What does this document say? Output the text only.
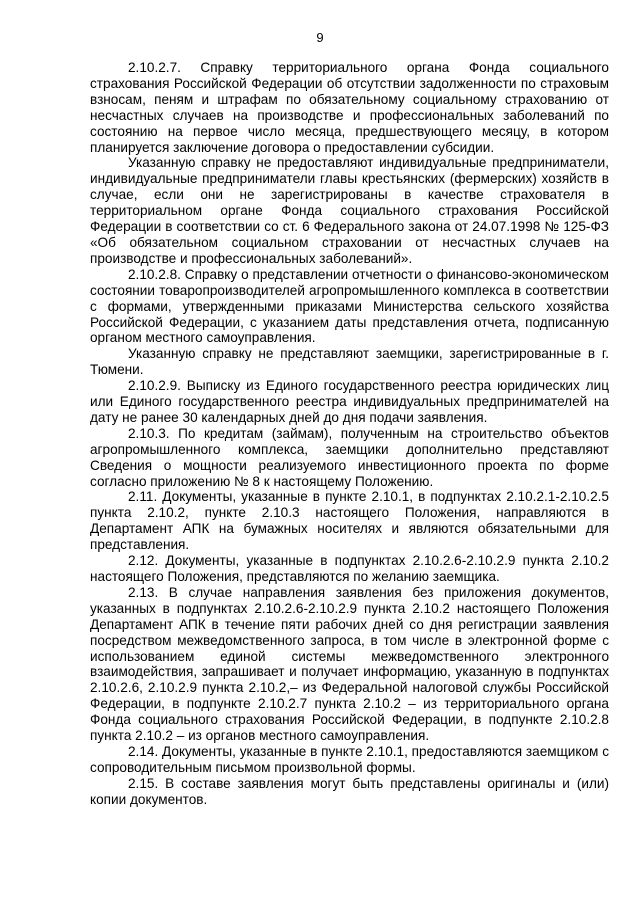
9

2.10.2.7. Справку территориального органа Фонда социального страхования Российской Федерации об отсутствии задолженности по страховым взносам, пеням и штрафам по обязательному социальному страхованию от несчастных случаев на производстве и профессиональных заболеваний по состоянию на первое число месяца, предшествующего месяцу, в котором планируется заключение договора о предоставлении субсидии.

Указанную справку не предоставляют индивидуальные предприниматели, индивидуальные предприниматели главы крестьянских (фермерских) хозяйств в случае, если они не зарегистрированы в качестве страхователя в территориальном органе Фонда социального страхования Российской Федерации в соответствии со ст. 6 Федерального закона от 24.07.1998 № 125-ФЗ «Об обязательном социальном страховании от несчастных случаев на производстве и профессиональных заболеваний».

2.10.2.8. Справку о представлении отчетности о финансово-экономическом состоянии товаропроизводителей агропромышленного комплекса в соответствии с формами, утвержденными приказами Министерства сельского хозяйства Российской Федерации, с указанием даты представления отчета, подписанную органом местного самоуправления.

Указанную справку не представляют заемщики, зарегистрированные в г. Тюмени.

2.10.2.9. Выписку из Единого государственного реестра юридических лиц или Единого государственного реестра индивидуальных предпринимателей на дату не ранее 30 календарных дней до дня подачи заявления.

2.10.3. По кредитам (займам), полученным на строительство объектов агропромышленного комплекса, заемщики дополнительно представляют Сведения о мощности реализуемого инвестиционного проекта по форме согласно приложению № 8 к настоящему Положению.

2.11. Документы, указанные в пункте 2.10.1, в подпунктах 2.10.2.1-2.10.2.5 пункта 2.10.2, пункте 2.10.3 настоящего Положения, направляются в Департамент АПК на бумажных носителях и являются обязательными для представления.

2.12. Документы, указанные в подпунктах 2.10.2.6-2.10.2.9 пункта 2.10.2 настоящего Положения, представляются по желанию заемщика.

2.13. В случае направления заявления без приложения документов, указанных в подпунктах 2.10.2.6-2.10.2.9 пункта 2.10.2 настоящего Положения Департамент АПК в течение пяти рабочих дней со дня регистрации заявления посредством межведомственного запроса, в том числе в электронной форме с использованием единой системы межведомственного электронного взаимодействия, запрашивает и получает информацию, указанную в подпунктах 2.10.2.6, 2.10.2.9 пункта 2.10.2,– из Федеральной налоговой службы Российской Федерации, в подпункте 2.10.2.7 пункта 2.10.2 – из территориального органа Фонда социального страхования Российской Федерации, в подпункте 2.10.2.8 пункта 2.10.2 – из органов местного самоуправления.

2.14. Документы, указанные в пункте 2.10.1, предоставляются заемщиком с сопроводительным письмом произвольной формы.

2.15. В составе заявления могут быть представлены оригиналы и (или) копии документов.
